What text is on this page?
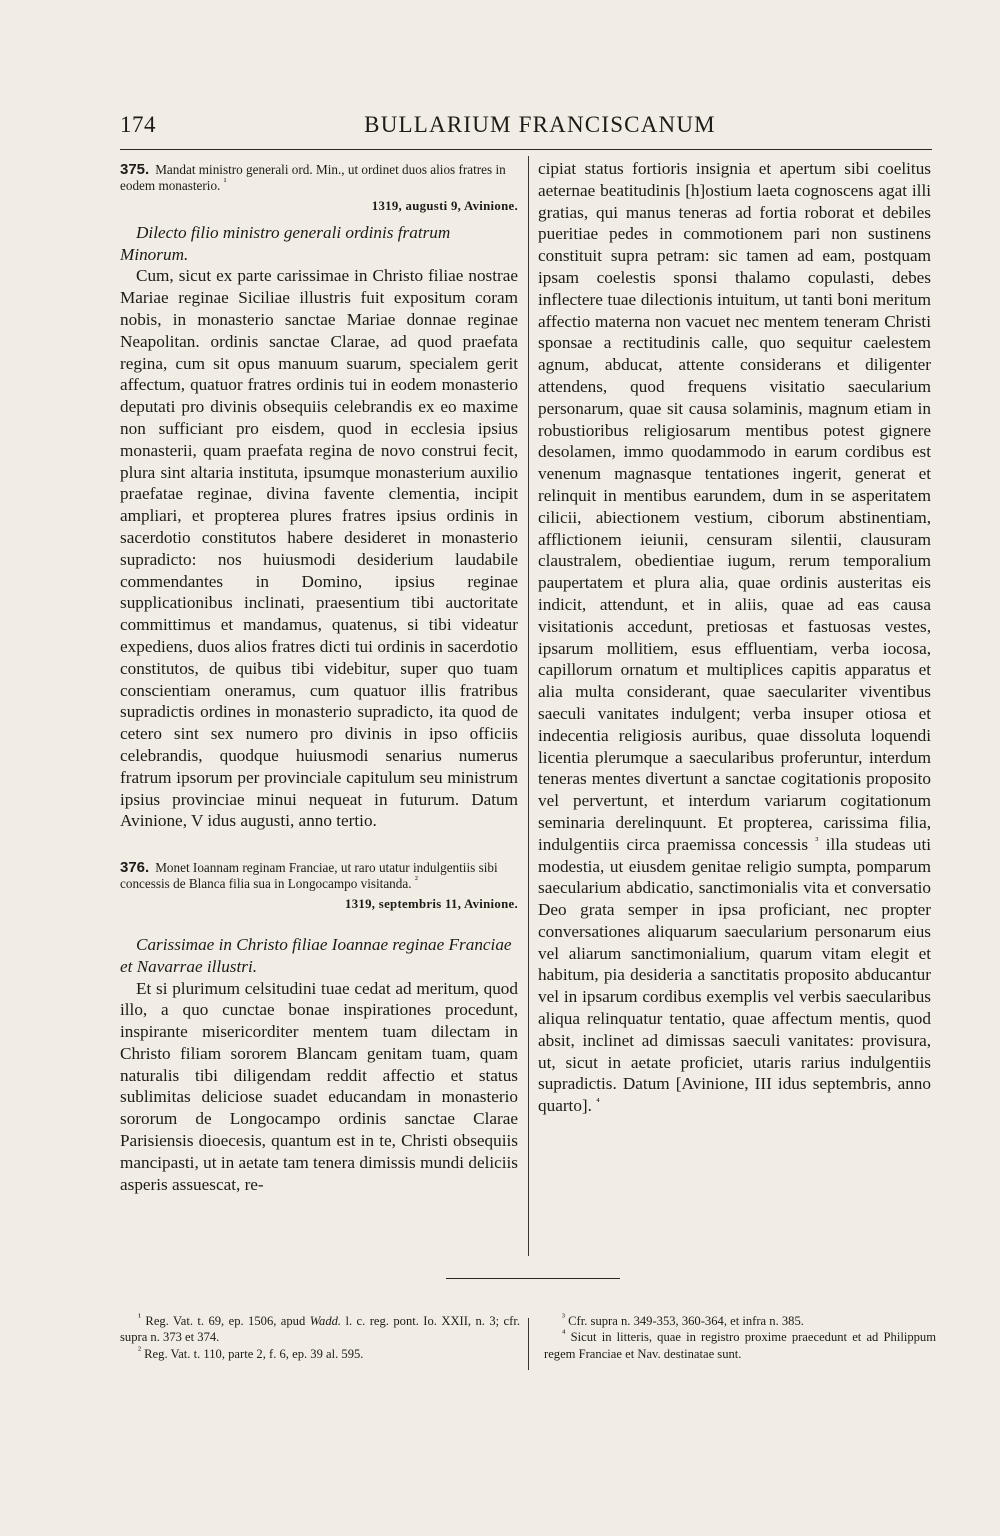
174	BULLARIUM FRANCISCANUM

375. Mandat ministro generali ord. Min., ut ordinet duos alios fratres in eodem monasterio. $^{^1}$

1319, augusti 9, Avinione.

Dilecto filio ministro generali ordinis fratrum Minorum.

Cum, sicut ex parte carissimae in Christo filiae nostrae Mariae reginae Siciliae illustris fuit expositum coram nobis, in monasterio sanctae Mariae donnae reginae Neapolitan. ordinis sanctae Clarae, ad quod praefata regina, cum sit opus manuum suarum, specialem gerit affectum, quatuor fratres ordinis tui in eodem monasterio deputati pro divinis obsequiis celebrandis ex eo maxime non sufficiant pro eisdem, quod in ecclesia ipsius monasterii, quam praefata regina de novo construi fecit, plura sint altaria instituta, ipsumque monasterium auxilio praefatae reginae, divina favente clementia, incipit ampliari, et propterea plures fratres ipsius ordinis in sacerdotio constitutos habere desideret in monasterio supradicto: nos huiusmodi desiderium laudabile commendantes in Domino, ipsius reginae supplicationibus inclinati, praesentium tibi auctoritate committimus et mandamus, quatenus, si tibi videatur expediens, duos alios fratres dicti tui ordinis in sacerdotio constitutos, de quibus tibi videbitur, super quo tuam conscientiam oneramus, cum quatuor illis fratribus supradictis ordines in monasterio supradicto, ita quod de cetero sint sex numero pro divinis in ipso officiis celebrandis, quodque huiusmodi senarius numerus fratrum ipsorum per provinciale capitulum seu ministrum ipsius provinciae minui nequeat in futurum. Datum Avinione, V idus augusti, anno tertio.

376. Monet Ioannam reginam Franciae, ut raro utatur indulgentiis sibi concessis de Blanca filia sua in Longocampo visitanda. $^{^2}$

1319, septembris 11, Avinione.

Carissimae in Christo filiae Ioannae reginae Franciae et Navarrae illustri.

Et si plurimum celsitudini tuae cedat ad meritum, quod illo, a quo cunctae bonae inspirationes procedunt, inspirante misericorditer mentem tuam dilectam in Christo filiam sororem Blancam genitam tuam, quam naturalis tibi diligendam reddit affectio et status sublimitas deliciose suadet educandam in monasterio sororum de Longocampo ordinis sanctae Clarae Parisiensis dioecesis, quantum est in te, Christi obsequiis mancipasti, ut in aetate tam tenera dimissis mundi deliciis asperis assuescat, re-

cipiat status fortioris insignia et apertum sibi coelitus aeternae beatitudinis [h]ostium laeta cognoscens agat illi gratias, qui manus teneras ad fortia roborat et debiles pueritiae pedes in commotionem pari non sustinens constituit supra petram: sic tamen ad eam, postquam ipsam coelestis sponsi thalamo copulasti, debes inflectere tuae dilectionis intuitum, ut tanti boni meritum affectio materna non vacuet nec mentem teneram Christi sponsae a rectitudinis calle, quo sequitur caelestem agnum, abducat, attente considerans et diligenter attendens, quod frequens visitatio saecularium personarum, quae sit causa solaminis, magnum etiam in robustioribus religiosarum mentibus potest gignere desolamen, immo quodammodo in earum cordibus est venenum magnasque tentationes ingerit, generat et relinquit in mentibus earundem, dum in se asperitatem cilicii, abiectionem vestium, ciborum abstinentiam, afflictionem ieiunii, censuram silentii, clausuram claustralem, obedientiae iugum, rerum temporalium paupertatem et plura alia, quae ordinis austeritas eis indicit, attendunt, et in aliis, quae ad eas causa visitationis accedunt, pretiosas et fastuosas vestes, ipsarum mollitiem, esus effluentiam, verba iocosa, capillorum ornatum et multiplices capitis apparatus et alia multa considerant, quae saeculariter viventibus saeculi vanitates indulgent; verba insuper otiosa et indecentia religiosis auribus, quae dissoluta loquendi licentia plerumque a saecularibus proferuntur, interdum teneras mentes divertunt a sanctae cogitationis proposito vel pervertunt, et interdum variarum cogitationum seminaria derelinquunt. Et propterea, carissima filia, indulgentiis circa praemissa concessis $^{^3}$ illa studeas uti modestia, ut eiusdem genitae religio sumpta, pomparum saecularium abdicatio, sanctimonialis vita et conversatio Deo grata semper in ipsa proficiant, nec propter conversationes aliquarum saecularium personarum eius vel aliarum sanctimonialium, quarum vitam elegit et habitum, pia desideria a sanctitatis proposito abducantur vel in ipsarum cordibus exemplis vel verbis saecularibus aliqua relinquatur tentatio, quae affectum mentis, quod absit, inclinet ad dimissas saeculi vanitates: provisura, ut, sicut in aetate proficiet, utaris rarius indulgentiis supradictis. Datum [Avinione, III idus septembris, anno quarto]. $^{^4}$

$^{^1}$ Reg. Vat. t. 69, ep. 1506, apud Wadd. l. c. reg. pont. Io. XXII, n. 3; cfr. supra n. 373 et 374.

$^{^2}$ Reg. Vat. t. 110, parte 2, f. 6, ep. 39 al. 595.

$^{^3}$ Cfr. supra n. 349-353, 360-364, et infra n. 385.

$^{^4}$ Sicut in litteris, quae in registro proxime praecedunt et ad Philippum regem Franciae et Nav. destinatae sunt.
